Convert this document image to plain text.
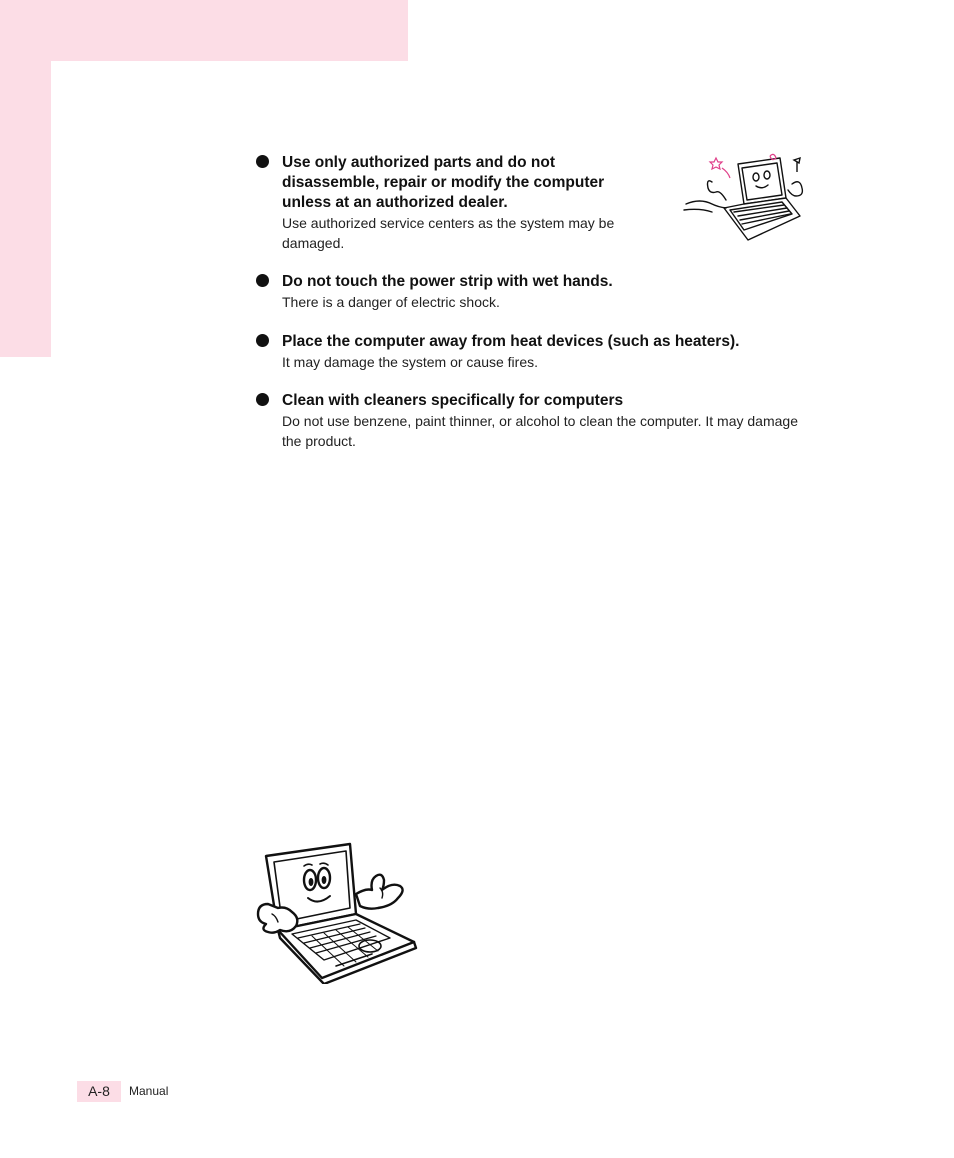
Use only authorized parts and do not disassemble, repair or modify the computer unless at an authorized dealer.
Use authorized service centers as the system may be damaged.
Do not touch the power strip with wet hands.
There is a danger of electric shock.
Place the computer away from heat devices (such as heaters).
It may damage the system or cause fires.
Clean with cleaners specifically for computers
Do not use benzene, paint thinner, or alcohol to clean the computer. It may damage the product.
A-8	Manual
